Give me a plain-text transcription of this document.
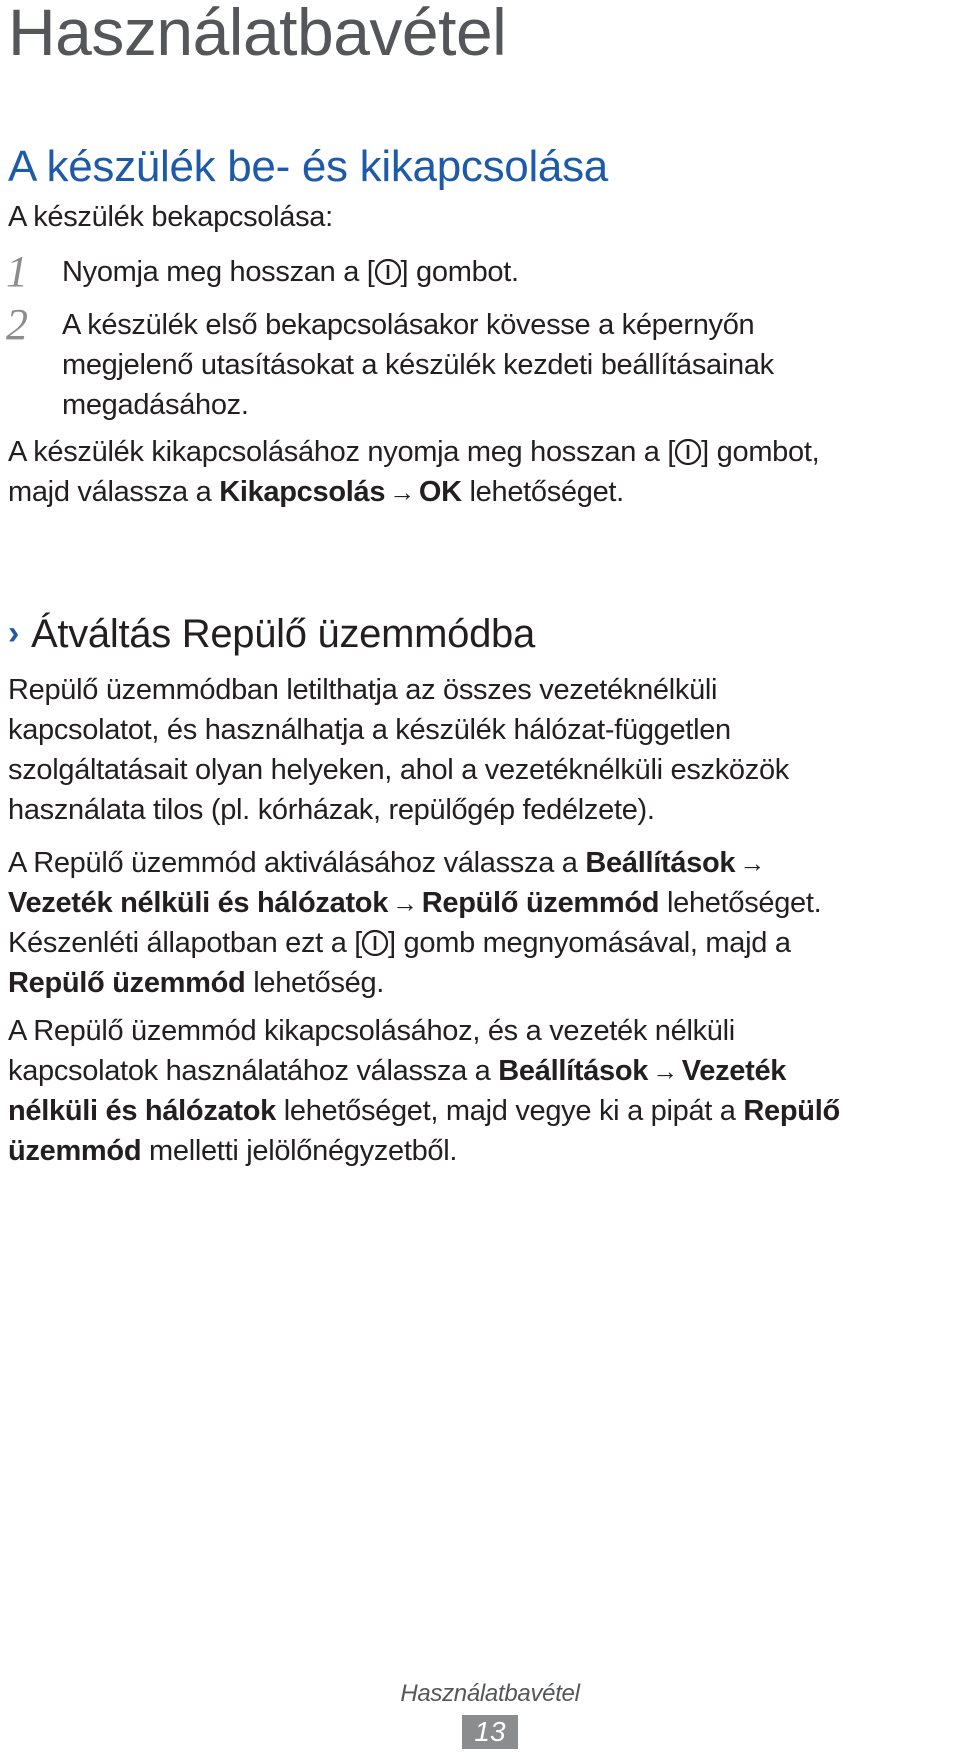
Használatbavétel
A készülék be- és kikapcsolása

A készülék bekapcsolása:

1 Nyomja meg hosszan a [ ] gombot.

2 A készülék első bekapcsolásakor kövesse a képernyőn
megjelenő utasításokat a készülék kezdeti beállításainak
megadásához.

A készülék kikapcsolásához nyomja meg hosszan a [ ] gombot,
majd válassza a Kikapcsolás → OK lehetőséget.

› Átváltás Repülő üzemmódba

Repülő üzemmódban letilthatja az összes vezetéknélküli
kapcsolatot, és használhatja a készülék hálózat-független
szolgáltatásait olyan helyeken, ahol a vezetéknélküli eszközök
használata tilos (pl. kórházak, repülőgép fedélzete).

A Repülő üzemmód aktiválásához válassza a Beállítások →
Vezeték nélküli és hálózatok → Repülő üzemmód lehetőséget.
Készenléti állapotban ezt a [ ] gomb megnyomásával, majd a
Repülő üzemmód lehetőség.

A Repülő üzemmód kikapcsolásához, és a vezeték nélküli
kapcsolatok használatához válassza a Beállítások → Vezeték
nélküli és hálózatok lehetőséget, majd vegye ki a pipát a Repülő
üzemmód melletti jelölőnégyzetből.

Használatbavétel
13
